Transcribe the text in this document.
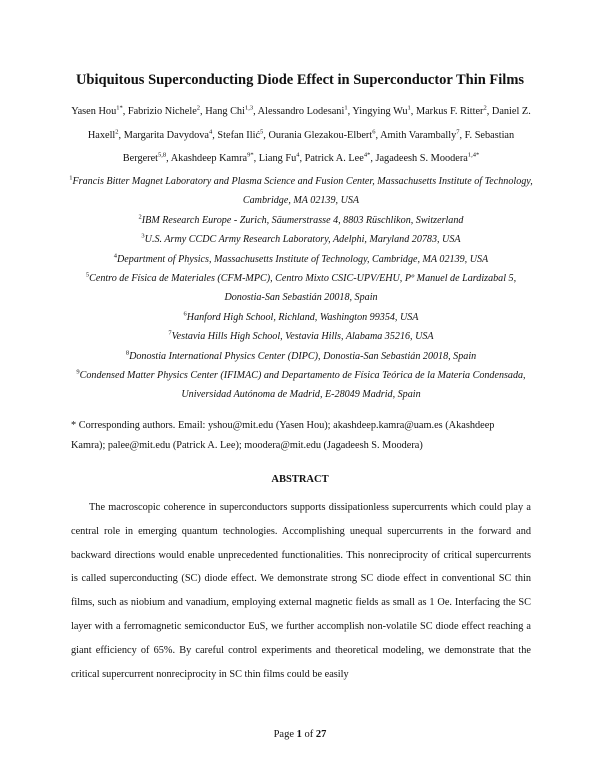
Ubiquitous Superconducting Diode Effect in Superconductor Thin Films
Yasen Hou$^{1*}$, Fabrizio Nichele$^2$, Hang Chi$^{1,3}$, Alessandro Lodesani$^1$, Yingying Wu$^1$, Markus F. Ritter$^2$, Daniel Z. Haxell$^2$, Margarita Davydova$^4$, Stefan Ilić$^5$, Ourania Glezakou-Elbert$^6$, Amith Varambally$^7$, F. Sebastian Bergeret$^{5,8}$, Akashdeep Kamra$^{9*}$, Liang Fu$^4$, Patrick A. Lee$^{4*}$, Jagadeesh S. Moodera$^{1,4*}$
$^1$Francis Bitter Magnet Laboratory and Plasma Science and Fusion Center, Massachusetts Institute of Technology, Cambridge, MA 02139, USA
$^2$IBM Research Europe - Zurich, Säumerstrasse 4, 8803 Rüschlikon, Switzerland
$^3$U.S. Army CCDC Army Research Laboratory, Adelphi, Maryland 20783, USA
$^4$Department of Physics, Massachusetts Institute of Technology, Cambridge, MA 02139, USA
$^5$Centro de Física de Materiales (CFM-MPC), Centro Mixto CSIC-UPV/EHU, Pº Manuel de Lardizabal 5, Donostia-San Sebastián 20018, Spain
$^6$Hanford High School, Richland, Washington 99354, USA
$^7$Vestavia Hills High School, Vestavia Hills, Alabama 35216, USA
$^8$Donostia International Physics Center (DIPC), Donostia-San Sebastián 20018, Spain
$^9$Condensed Matter Physics Center (IFIMAC) and Departamento de Física Teórica de la Materia Condensada, Universidad Autónoma de Madrid, E-28049 Madrid, Spain
* Corresponding authors. Email: yshou@mit.edu (Yasen Hou); akashdeep.kamra@uam.es (Akashdeep Kamra); palee@mit.edu (Patrick A. Lee); moodera@mit.edu (Jagadeesh S. Moodera)
ABSTRACT

The macroscopic coherence in superconductors supports dissipationless supercurrents which could play a central role in emerging quantum technologies. Accomplishing unequal supercurrents in the forward and backward directions would enable unprecedented functionalities. This nonreciprocity of critical supercurrents is called superconducting (SC) diode effect. We demonstrate strong SC diode effect in conventional SC thin films, such as niobium and vanadium, employing external magnetic fields as small as 1 Oe. Interfacing the SC layer with a ferromagnetic semiconductor EuS, we further accomplish non-volatile SC diode effect reaching a giant efficiency of 65%. By careful control experiments and theoretical modeling, we demonstrate that the critical supercurrent nonreciprocity in SC thin films could be easily

Page 1 of 27
